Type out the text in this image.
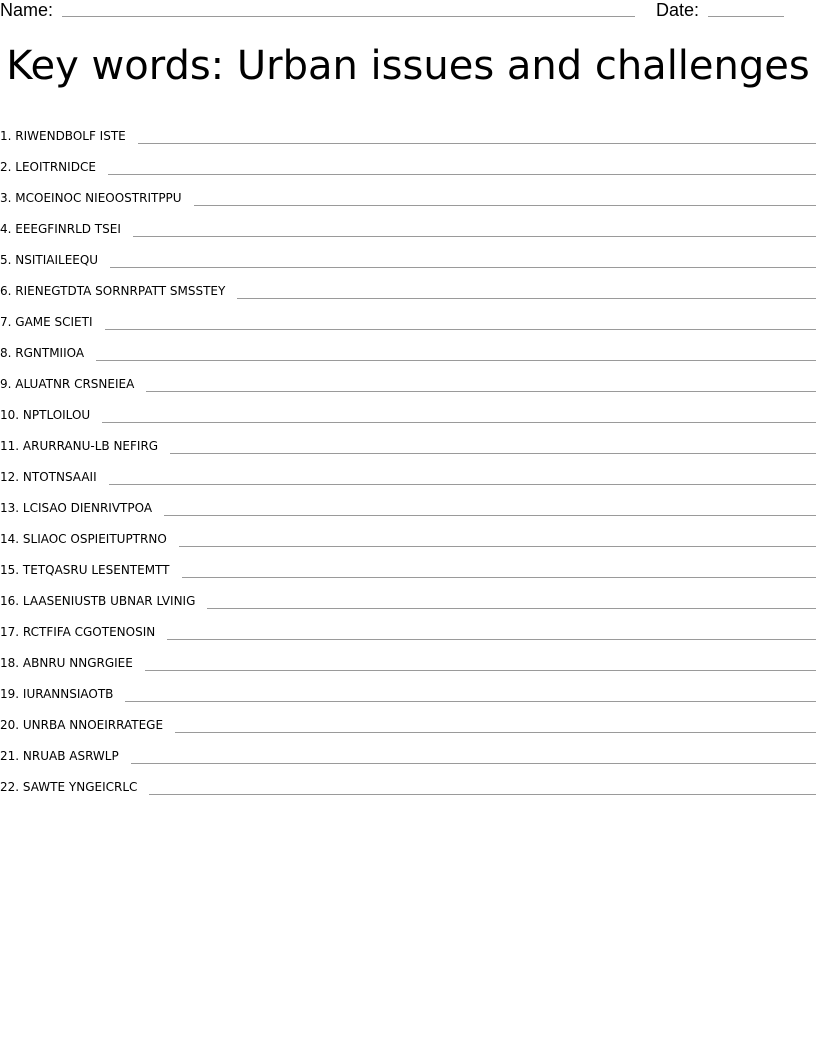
Name:	Date:
Key words: Urban issues and challenges
1. RIWENDBOLF ISTE
2. LEOITRNIDCE
3. MCOEINOC NIEOOSTRITPPU
4. EEEGFINRLD TSEI
5. NSITIAILEEQU
6. RIENEGTDTA SORNRPATT SMSSTEY
7. GAME SCIETI
8. RGNTMIIOA
9. ALUATNR CRSNEIEA
10. NPTLOILOU
11. ARURRANU-LB NEFIRG
12. NTOTNSAAII
13. LCISAO DIENRIVTPOA
14. SLIAOC OSPIEITUPTRNO
15. TETQASRU LESENTEMTT
16. LAASENIUSTB UBNAR LVINIG
17. RCTFIFA CGOTENOSIN
18. ABNRU NNGRGIEE
19. IURANNSIAOTB
20. UNRBA NNOEIRRATEGE
21. NRUAB ASRWLP
22. SAWTE YNGEICRLC
